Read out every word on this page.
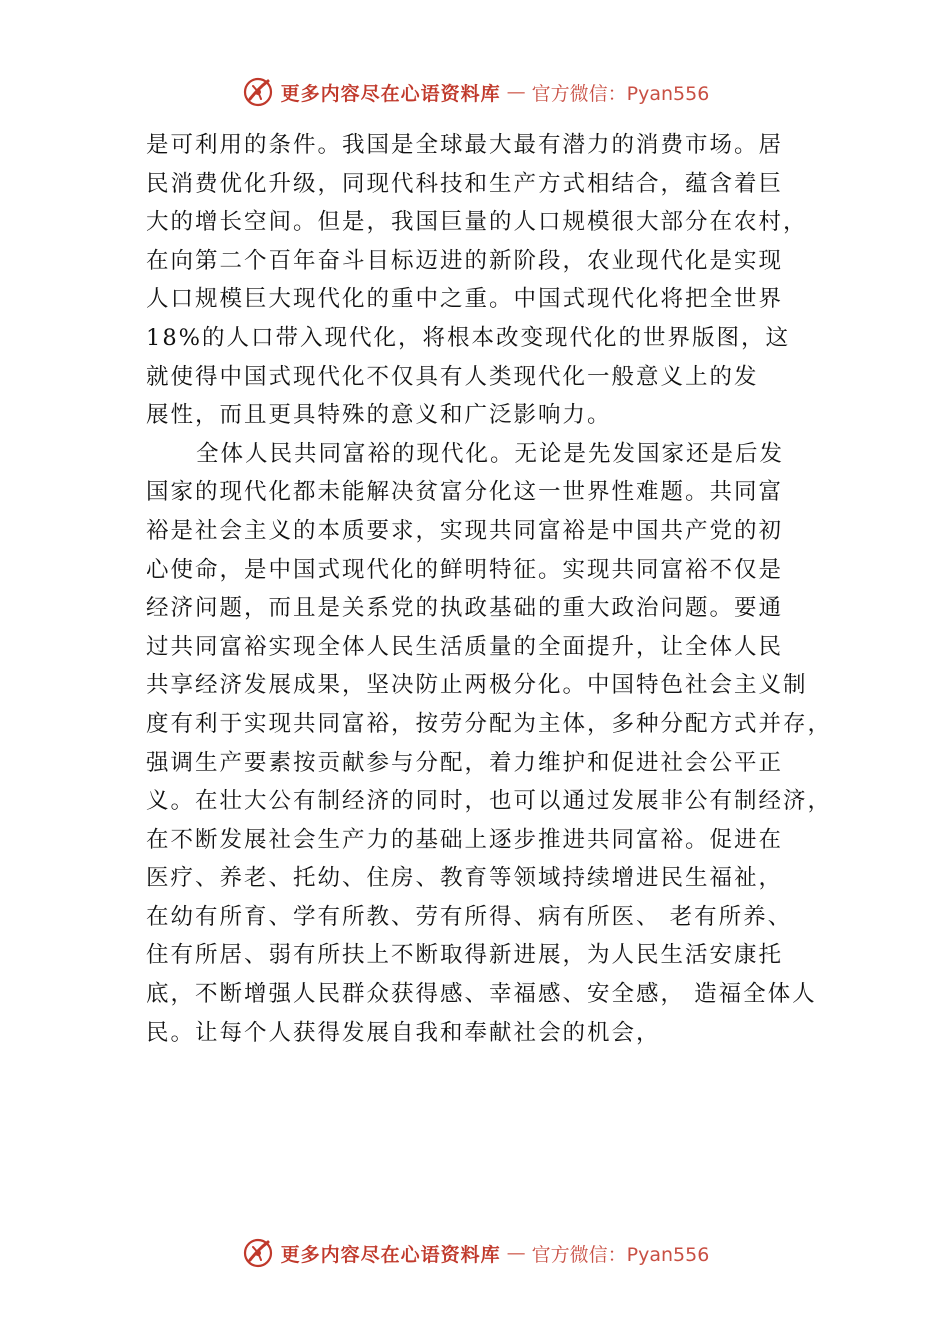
更多内容尽在心语资料库 — 官方微信：Pyan556
是可利用的条件。我国是全球最大最有潜力的消费市场。居
民消费优化升级，同现代科技和生产方式相结合，蕴含着巨
大的增长空间。但是，我国巨量的人口规模很大部分在农村，
在向第二个百年奋斗目标迈进的新阶段，农业现代化是实现
人口规模巨大现代化的重中之重。中国式现代化将把全世界
18%的人口带入现代化，将根本改变现代化的世界版图，这
就使得中国式现代化不仅具有人类现代化一般意义上的发
展性，而且更具特殊的意义和广泛影响力。
全体人民共同富裕的现代化。无论是先发国家还是后发
国家的现代化都未能解决贫富分化这一世界性难题。共同富
裕是社会主义的本质要求，实现共同富裕是中国共产党的初
心使命，是中国式现代化的鲜明特征。实现共同富裕不仅是
经济问题，而且是关系党的执政基础的重大政治问题。要通
过共同富裕实现全体人民生活质量的全面提升，让全体人民
共享经济发展成果，坚决防止两极分化。中国特色社会主义制
度有利于实现共同富裕，按劳分配为主体，多种分配方式并存，
强调生产要素按贡献参与分配，着力维护和促进社会公平正
义。在壮大公有制经济的同时，也可以通过发展非公有制经济，
在不断发展社会生产力的基础上逐步推进共同富裕。促进在
医疗、养老、托幼、住房、教育等领域持续增进民生福祉，
在幼有所育、学有所教、劳有所得、病有所医、 老有所养、
住有所居、弱有所扶上不断取得新进展，为人民生活安康托
底，不断增强人民群众获得感、幸福感、安全感， 造福全体人
民。让每个人获得发展自我和奉献社会的机会，
更多内容尽在心语资料库 — 官方微信：Pyan556
